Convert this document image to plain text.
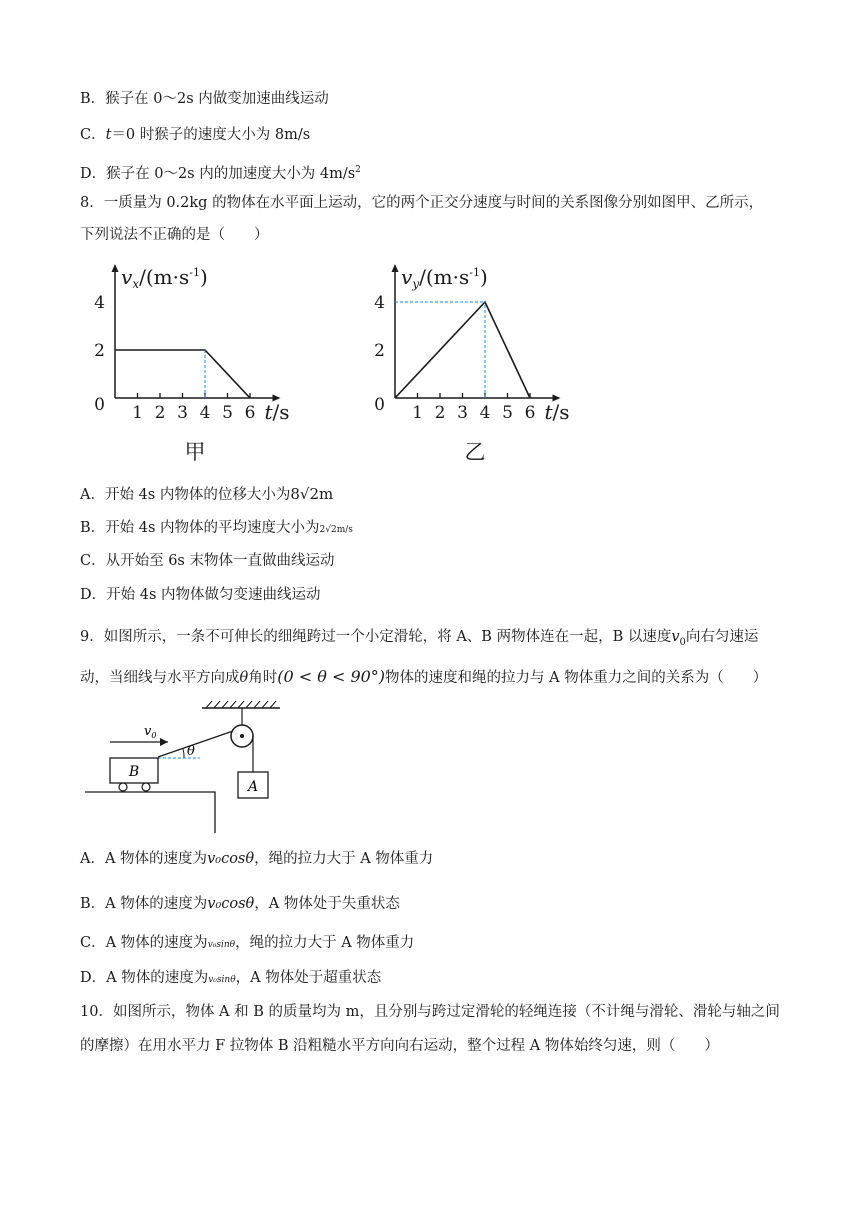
B．猴子在 0～2s 内做变加速曲线运动
C．t＝0 时猴子的速度大小为 8m/s
D．猴子在 0～2s 内的加速度大小为 $4m/s^2$
8．一质量为 0.2kg 的物体在水平面上运动，它的两个正交分速度与时间的关系图像分别如图甲、乙所示，
下列说法不正确的是（　　）
1 2 3 4 5 6
0
2
4
$v_x/(m\cdot s^{-1})$
t/s
甲
1 2 3 4 5 6
0
2
4
$v_y/(m\cdot s^{-1})$
t/s
乙
A．开始 4s 内物体的位移大小为8√2m
B．开始 4s 内物体的平均速度大小为2√2m/s
C．从开始至 6s 末物体一直做曲线运动
D．开始 4s 内物体做匀变速曲线运动
9．如图所示，一条不可伸长的细绳跨过一个小定滑轮，将 A、B 两物体连在一起，B 以速度$v_0$向右匀速运动，当细线与水平方向成θ角时(0 < θ < 90°)物体的速度和绳的拉力与 A 物体重力之间的关系为（　　）
A
θ
B
$v_0$
A．A 物体的速度为v₀cosθ，绳的拉力大于 A 物体重力
B．A 物体的速度为v₀cosθ，A 物体处于失重状态
C．A 物体的速度为v₀sinθ，绳的拉力大于 A 物体重力
D．A 物体的速度为v₀sinθ，A 物体处于超重状态
10．如图所示，物体 A 和 B 的质量均为 m，且分别与跨过定滑轮的轻绳连接（不计绳与滑轮、滑轮与轴之间的摩擦）在用水平力 F 拉物体 B 沿粗糙水平方向向右运动，整个过程 A 物体始终匀速，则（　　）
